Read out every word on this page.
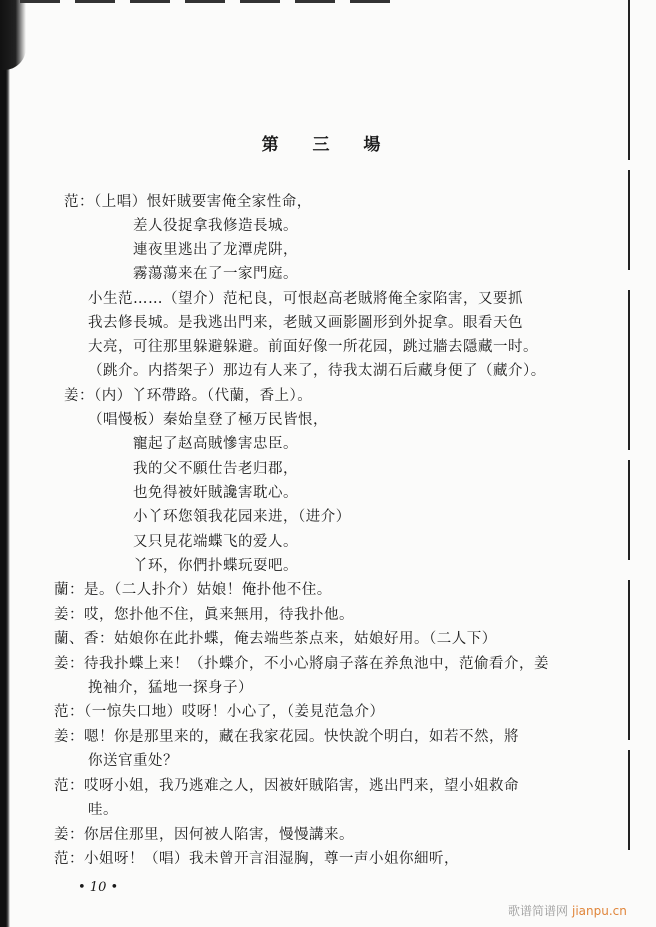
第 三 場
范：（上唱）恨奸賊要害俺全家性命，
差人役捉拿我修造長城。
連夜里逃出了龙潭虎阱，
霧蕩蕩来在了一家門庭。
小生范……（望介）范杞良，可恨赵高老賊將俺全家陷害，又要抓
我去修長城。是我逃出門来，老賊又画影圖形到外捉拿。眼看天色
大亮，可往那里躲避躲避。前面好像一所花园，跳过牆去隱藏一时。
（跳介。内搭架子）那边有人来了，待我太湖石后藏身便了（藏介）。
姜：（内）丫环帶路。（代蘭，香上）。
（唱慢板）秦始皇登了極万民皆恨，
寵起了赵高賊慘害忠臣。
我的父不願仕告老归郡，
也免得被奸賊讒害耽心。
小丫环您領我花园来进，（进介）
又只見花端蝶飞的爱人。
丫环，你們扑蝶玩耍吧。
蘭：是。（二人扑介）姑娘！俺扑他不住。
姜：哎，您扑他不住，眞来無用，待我扑他。
蘭、香：姑娘你在此扑蝶，俺去端些茶点来，姑娘好用。（二人下）
姜：待我扑蝶上来！（扑蝶介，不小心將扇子落在养魚池中，范偷看介，姜
挽袖介，猛地一探身子）
范：（一惊失口地）哎呀！小心了，（姜見范急介）
姜：嗯！你是那里来的，藏在我家花园。快快說个明白，如若不然，將
你送官重处？
范：哎呀小姐，我乃逃难之人，因被奸賊陷害，逃出門来，望小姐救命
哇。
姜：你居住那里，因何被人陷害，慢慢講来。
范：小姐呀！（唱）我未曾开言泪湿胸，尊一声小姐你細听，
• 10 •
歌谱简谱网 jianpu.cn
